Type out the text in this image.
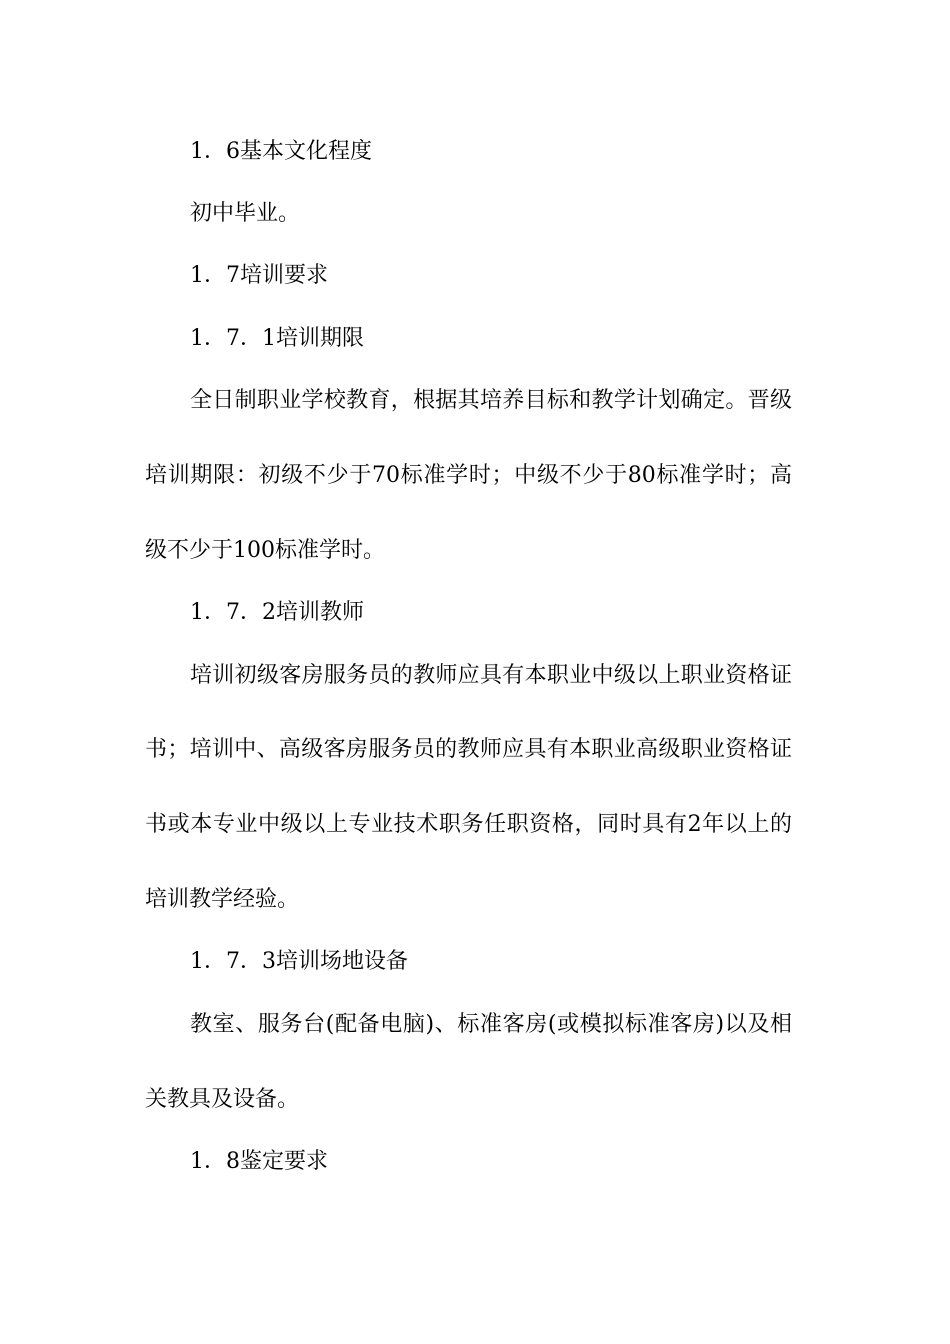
1．6基本文化程度
初中毕业。
1．7培训要求
1．7．1培训期限
全日制职业学校教育，根据其培养目标和教学计划确定。晋级
培训期限：初级不少于70标准学时；中级不少于80标准学时；高
级不少于100标准学时。
1．7．2培训教师
培训初级客房服务员的教师应具有本职业中级以上职业资格证
书；培训中、高级客房服务员的教师应具有本职业高级职业资格证
书或本专业中级以上专业技术职务任职资格，同时具有2年以上的
培训教学经验。
1．7．3培训场地设备
教室、服务台(配备电脑)、标准客房(或模拟标准客房)以及相
关教具及设备。
1．8鉴定要求
